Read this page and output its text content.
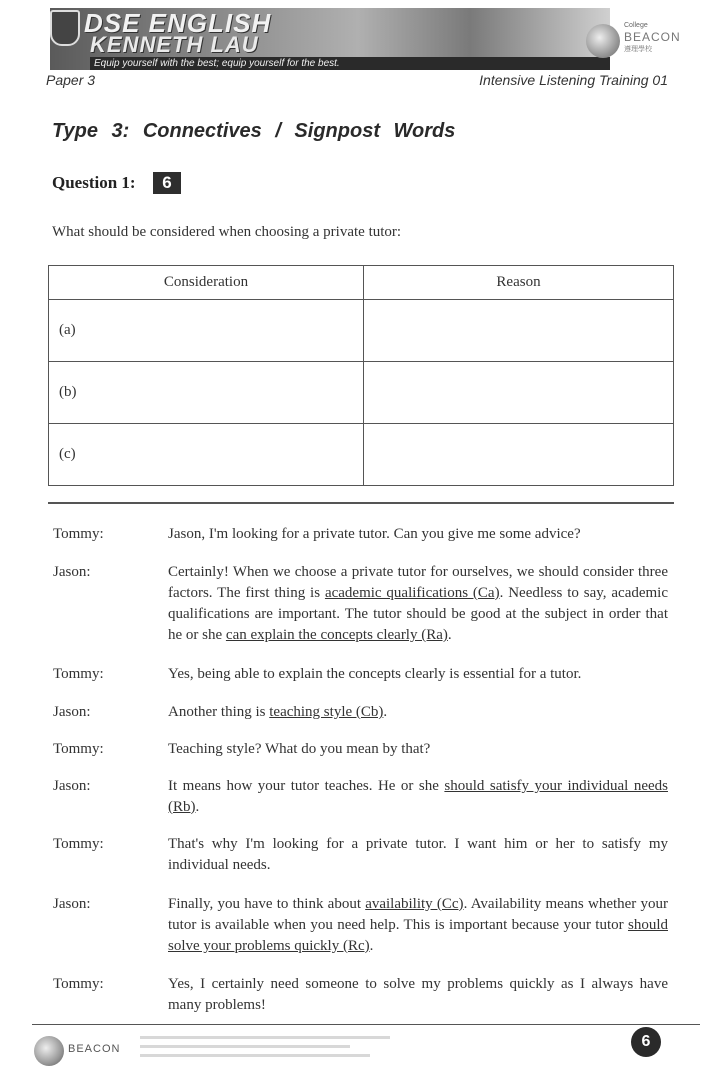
DSE ENGLISH
KENNETH LAU
Equip yourself with the best; equip yourself for the best.
College
BEACON
遵理學校
Paper 3	Intensive Listening Training 01
Type 3: Connectives / Signpost Words
Question 1:	6
What should be considered when choosing a private tutor:
Consideration	Reason
(a)	
(b)	
(c)	
Tommy:	Jason, I'm looking for a private tutor. Can you give me some advice?
Jason:	Certainly! When we choose a private tutor for ourselves, we should consider three factors. The first thing is academic qualifications (Ca). Needless to say, academic qualifications are important. The tutor should be good at the subject in order that he or she can explain the concepts clearly (Ra).
Tommy:	Yes, being able to explain the concepts clearly is essential for a tutor.
Jason:	Another thing is teaching style (Cb).
Tommy:	Teaching style? What do you mean by that?
Jason:	It means how your tutor teaches. He or she should satisfy your individual needs (Rb).
Tommy:	That's why I'm looking for a private tutor. I want him or her to satisfy my individual needs.
Jason:	Finally, you have to think about availability (Cc). Availability means whether your tutor is available when you need help. This is important because your tutor should solve your problems quickly (Rc).
Tommy:	Yes, I certainly need someone to solve my problems quickly as I always have many problems!
BEACON	6
